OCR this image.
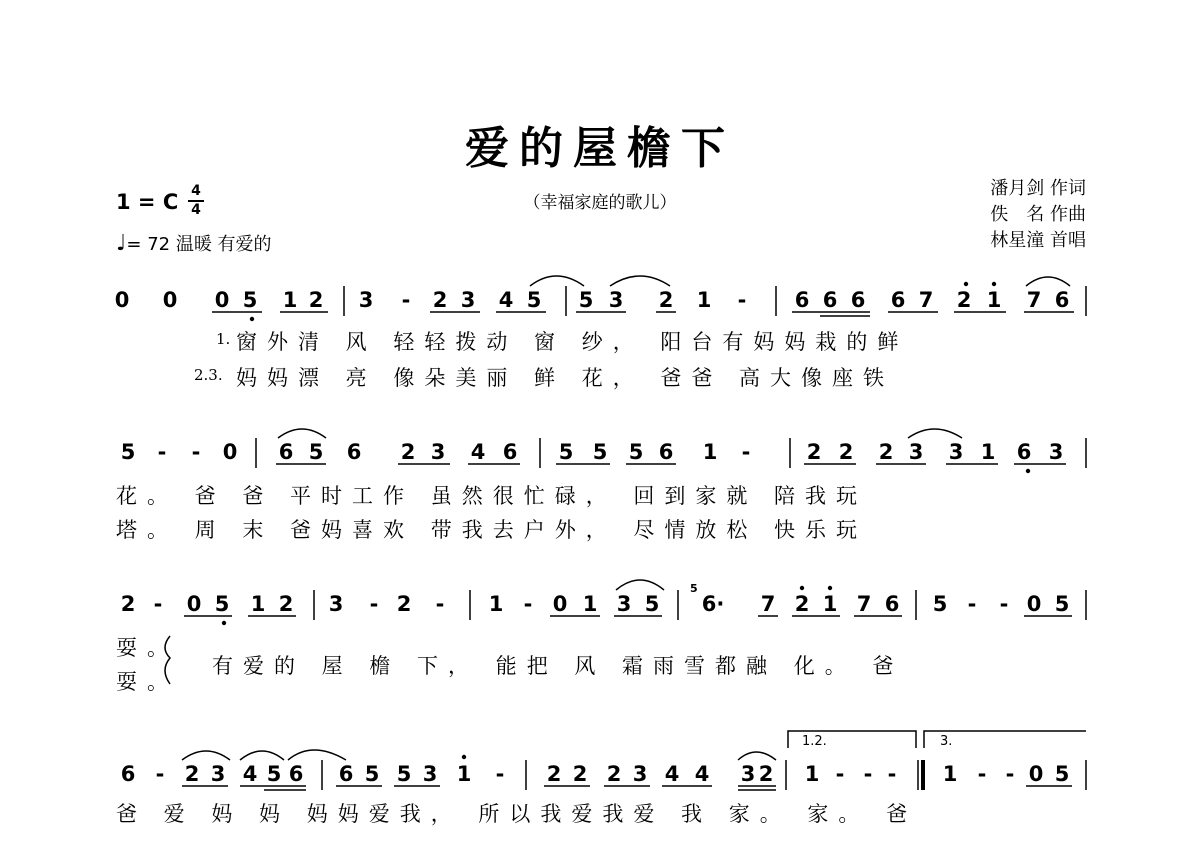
爱的屋檐下
（幸福家庭的歌儿）
1 = C 4
4
♩= 72 温暖 有爱的
潘月剑 作词
佚　名 作曲
林星潼 首唱
0 0 0 5 1 2 3 - 2 3 4 5 5 3 2 1 - 6 6 6 6 7 2 1 7 6
1. 窗外清 风 轻轻拨动 窗 纱， 阳台有妈妈栽的鲜
2.3. 妈妈漂 亮 像朵美丽 鲜 花， 爸爸 高大像座铁
5 - - 0 6 5 6 2 3 4 6 5 5 5 6 1 -	2 2 2 3 3 1 6 3
花。 爸 爸 平时工作 虽然很忙碌， 回到家就 陪我玩
塔。 周 末 爸妈喜欢 带我去户外， 尽情放松 快乐玩
2 - 0 5 1 2 3 - 2 - 1 - 0 1 3 5 6· 7 2 1 7 6 5 - - 0 5
5
耍。
耍。
有爱的 屋 檐 下， 能把 风 霜雨雪都融 化。 爸
6 - 2 3 4 5 6 6 5 5 3 1 - 2 2 2 3 4 4 3 2 1 - - - 1 - - 0 5
1.2.	3.
爸 爱 妈 妈 妈妈爱我， 所以我爱我爱 我 家。 家。 爸
